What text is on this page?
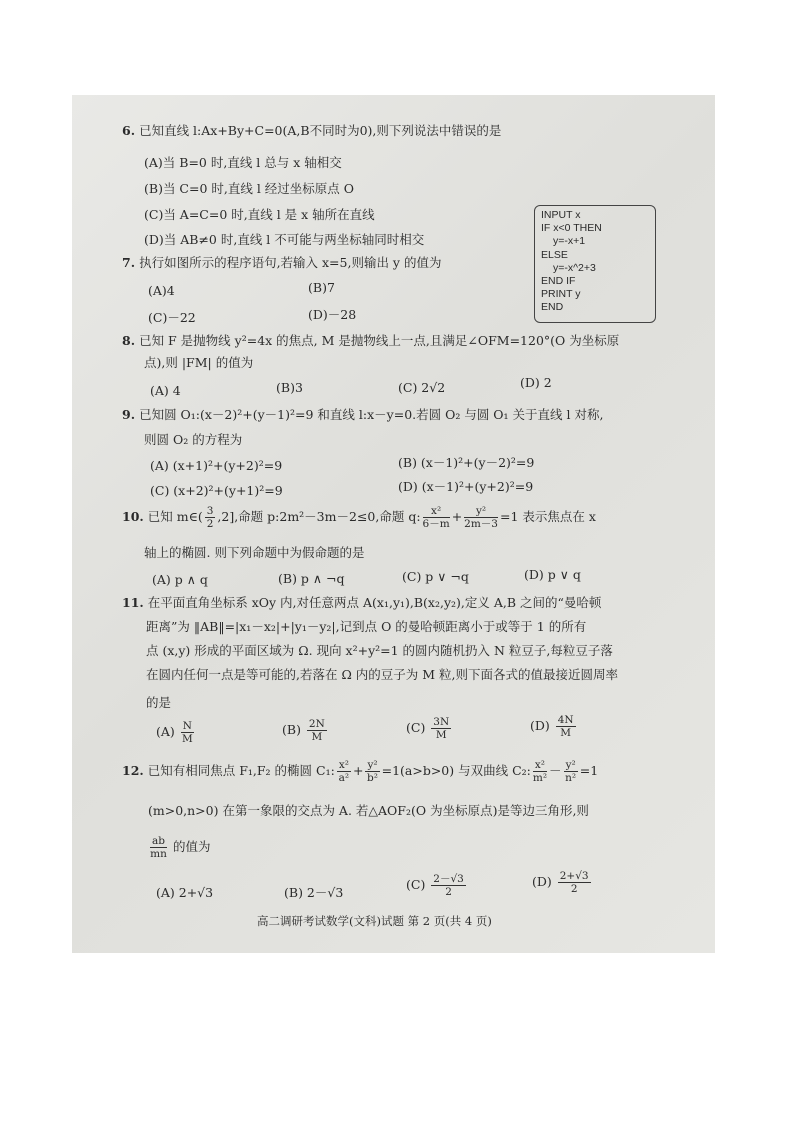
6. 已知直线 l:Ax+By+C=0(A,B不同时为0),则下列说法中错误的是
(A)当 B=0 时,直线 l 总与 x 轴相交
(B)当 C=0 时,直线 l 经过坐标原点 O
(C)当 A=C=0 时,直线 l 是 x 轴所在直线
(D)当 AB≠0 时,直线 l 不可能与两坐标轴同时相交
INPUT x
IF x<0 THEN
y=-x+1
ELSE
y=-x^2+3
END IF
PRINT y
END
7. 执行如图所示的程序语句,若输入 x=5,则输出 y 的值为
(A)4	(B)7
(C)－22	(D)－28
8. 已知 F 是抛物线 y²=4x 的焦点, M 是抛物线上一点,且满足∠OFM=120°(O 为坐标原
点),则 |FM| 的值为
(A) 4	(B)3	(C) 2√2	(D) 2
9. 已知圆 O₁:(x－2)²+(y－1)²=9 和直线 l:x－y=0.若圆 O₂ 与圆 O₁ 关于直线 l 对称,
则圆 O₂ 的方程为
(A) (x+1)²+(y+2)²=9	(B) (x－1)²+(y－2)²=9
(C) (x+2)²+(y+1)²=9	(D) (x－1)²+(y+2)²=9
10. 已知 m∈( $\frac{3}{2} ,2$],命题 p:2m²－3m－2≤0,命题 q: $\frac{\text{x²}}{6-m} + \frac{\text{y²}}{2m-3} =1$ 表示焦点在 x
轴上的椭圆. 则下列命题中为假命题的是
(A) p ∧ q	(B) p ∧ ¬q	(C) p ∨ ¬q	(D) p ∨ q
11. 在平面直角坐标系 xOy 内,对任意两点 A(x₁,y₁),B(x₂,y₂),定义 A,B 之间的“曼哈顿
距离”为 ‖AB‖=|x₁－x₂|+|y₁－y₂|,记到点 O 的曼哈顿距离小于或等于 1 的所有
点 (x,y) 形成的平面区域为 Ω. 现向 x²+y²=1 的圆内随机扔入 N 粒豆子,每粒豆子落
在圆内任何一点是等可能的,若落在 Ω 内的豆子为 M 粒,则下面各式的值最接近圆周率
的是
$(A) \frac{N}{M}$	$(B) \frac{2N}{M}$	$(C) \frac{3N}{M}$	$(D) \frac{4N}{M}$
12. 已知有相同焦点 F₁,F₂ 的椭圆 C₁: $\frac{\text{x²}}{\text{a²}} + \frac{\text{y²}}{\text{b²}} =1(a>b>0)$ 与双曲线 C₂: $\frac{\text{x²}}{\text{m²}} - \frac{\text{y²}}{\text{n²}} =1$
(m>0,n>0) 在第一象限的交点为 A. 若△AOF₂(O 为坐标原点)是等边三角形,则
$\frac{ab}{mn}$ 的值为
(A) 2+√3	(B) 2－√3
$(C) \frac{2-√3}{2}$	$(D) \frac{2+√3}{2}$
高二调研考试数学(文科)试题 第 2 页(共 4 页)
